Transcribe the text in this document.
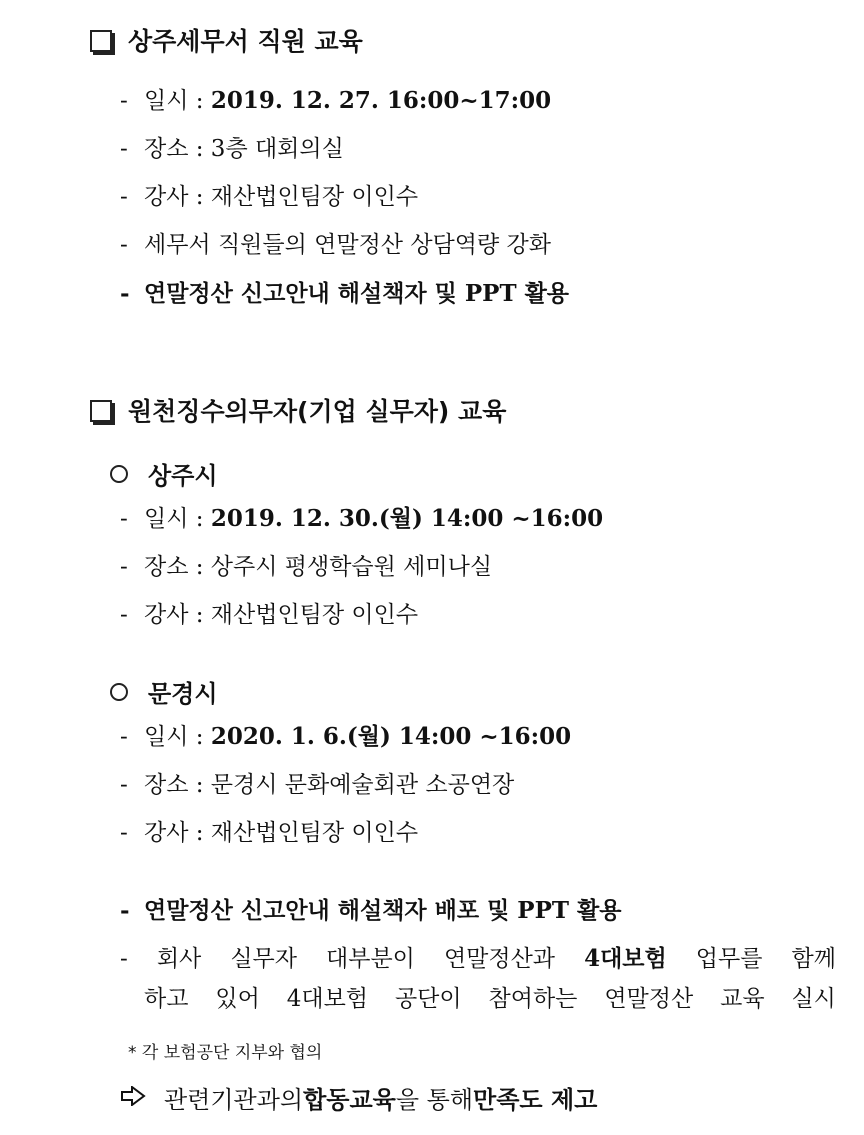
상주세무서 직원 교육
- 일시 : 2019. 12. 27. 16:00~17:00
- 장소 : 3층 대회의실
- 강사 : 재산법인팀장 이인수
- 세무서 직원들의 연말정산 상담역량 강화
- 연말정산 신고안내 해설책자 및 PPT 활용
원천징수의무자(기업 실무자) 교육
상주시
- 일시 : 2019. 12. 30.(월) 14:00 ~16:00
- 장소 : 상주시 평생학습원 세미나실
- 강사 : 재산법인팀장 이인수
문경시
- 일시 : 2020. 1. 6.(월) 14:00 ~16:00
- 장소 : 문경시 문화예술회관 소공연장
- 강사 : 재산법인팀장 이인수
- 연말정산 신고안내 해설책자 배포 및 PPT 활용
- 회사 실무자 대부분이 연말정산과 4대보험 업무를 함께
하고 있어 4대보험 공단이 참여하는 연말정산 교육 실시
* 각 보험공단 지부와 협의
관련기관과의 합동교육 을 통해 만족도 제고
